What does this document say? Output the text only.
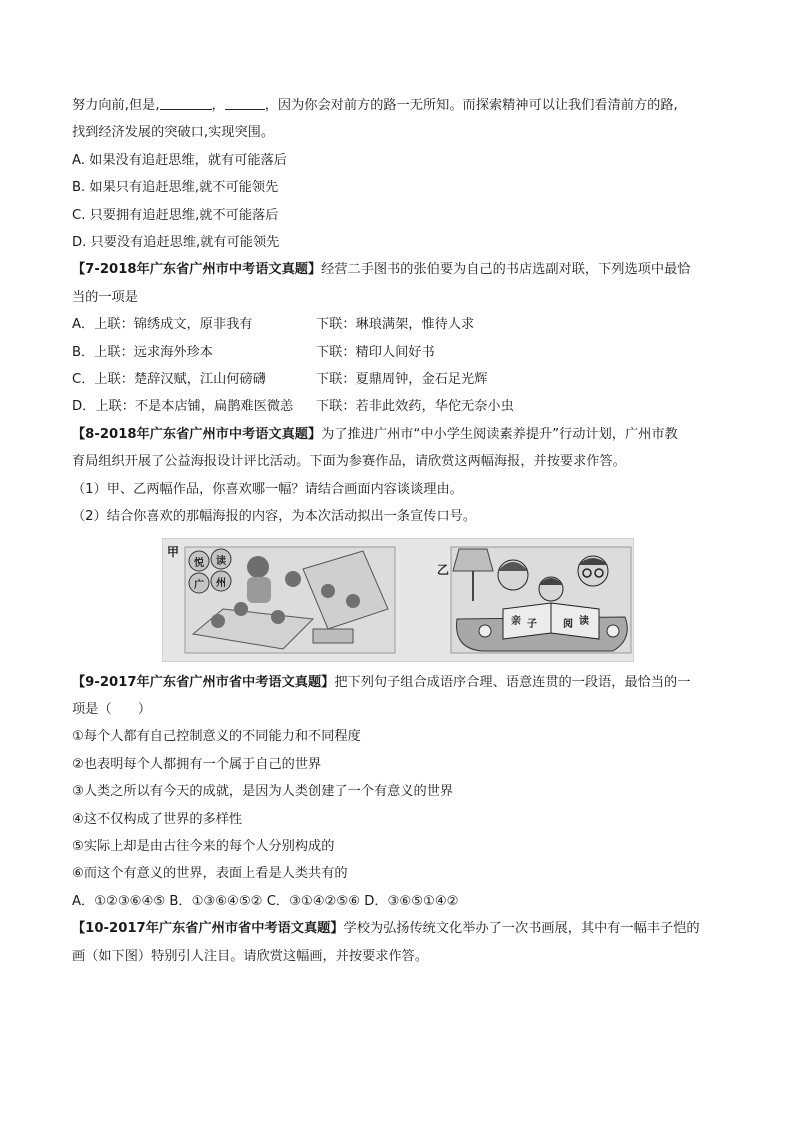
努力向前,但是,	，	，因为你会对前方的路一无所知。而探索精神可以让我们看清前方的路,
找到经济发展的突破口,实现突围。
A. 如果没有追赶思维，就有可能落后
B. 如果只有追赶思维,就不可能领先
C. 只要拥有追赶思维,就不可能落后
D. 只要没有追赶思维,就有可能领先
【7-2018年广东省广州市中考语文真题】经营二手图书的张伯要为自己的书店选副对联，下列选项中最恰
当的一项是
A．上联：锦绣成文，原非我有	下联：琳琅满架，惟待人求
B．上联：远求海外珍本	下联：精印人间好书
C．上联：楚辞汉赋，江山何磅礴	下联：夏鼎周钟，金石足光辉
D．上联：不是本店铺，扁鹊难医微恙 下联：若非此效药，华佗无奈小虫
【8-2018年广东省广州市中考语文真题】为了推进广州市“中小学生阅读素养提升”行动计划，广州市教
育局组织开展了公益海报设计评比活动。下面为参赛作品，请欣赏这两幅海报，并按要求作答。
（1）甲、乙两幅作品，你喜欢哪一幅？请结合画面内容谈谈理由。
（2）结合你喜欢的那幅海报的内容，为本次活动拟出一条宣传口号。
甲
乙
悦 读
广 州
亲 子	阅 读
【9-2017年广东省广州市省中考语文真题】把下列句子组合成语序合理、语意连贯的一段语，最恰当的一
项是（　　）
①每个人都有自己控制意义的不同能力和不同程度
②也表明每个人都拥有一个属于自己的世界
③人类之所以有今天的成就，是因为人类创建了一个有意义的世界
④这不仅构成了世界的多样性
⑤实际上却是由古往今来的每个人分别构成的
⑥而这个有意义的世界，表面上看是人类共有的
A．①②③⑥④⑤ B．①③⑥④⑤② C．③①④②⑤⑥ D．③⑥⑤①④②
【10-2017年广东省广州市省中考语文真题】学校为弘扬传统文化举办了一次书画展，其中有一幅丰子恺的
画（如下图）特别引人注目。请欣赏这幅画，并按要求作答。
